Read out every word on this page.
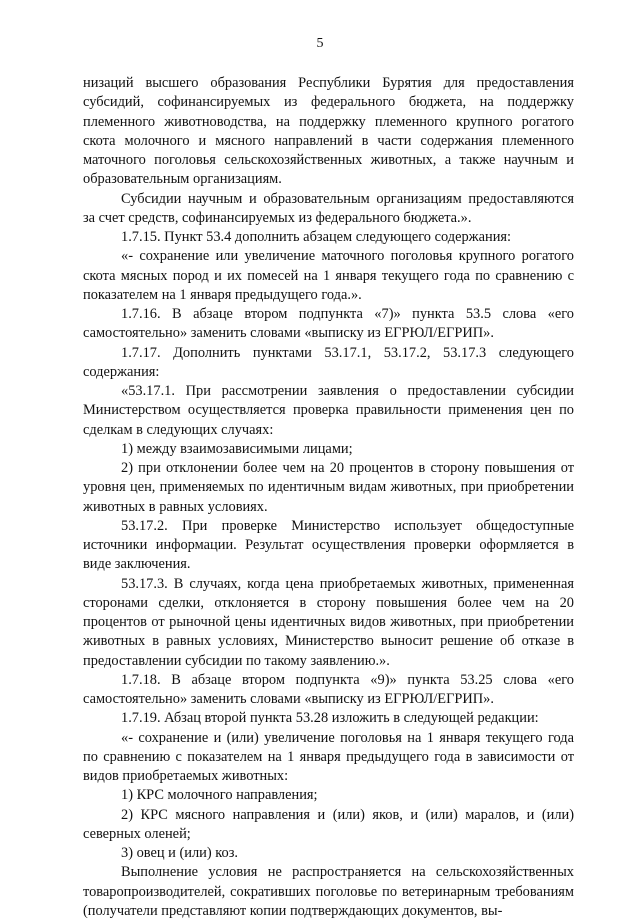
5

низаций высшего образования Республики Бурятия для предоставления субсидий, софинансируемых из федерального бюджета, на поддержку племенного животноводства, на поддержку племенного крупного рогатого скота молочного и мясного направлений в части содержания племенного маточного поголовья сельскохозяйственных животных, а также научным и образовательным организациям.

Субсидии научным и образовательным организациям предоставляются за счет средств, софинансируемых из федерального бюджета.».

1.7.15. Пункт 53.4 дополнить абзацем следующего содержания:

«- сохранение или увеличение маточного поголовья крупного рогатого скота мясных пород и их помесей на 1 января текущего года по сравнению с показателем на 1 января предыдущего года.».

1.7.16. В абзаце втором подпункта «7)» пункта 53.5 слова «его самостоятельно» заменить словами «выписку из ЕГРЮЛ/ЕГРИП».

1.7.17. Дополнить пунктами 53.17.1, 53.17.2, 53.17.3 следующего содержания:

«53.17.1. При рассмотрении заявления о предоставлении субсидии Министерством осуществляется проверка правильности применения цен по сделкам в следующих случаях:

1) между взаимозависимыми лицами;

2) при отклонении более чем на 20 процентов в сторону повышения от уровня цен, применяемых по идентичным видам животных, при приобретении животных в равных условиях.

53.17.2. При проверке Министерство использует общедоступные источники информации. Результат осуществления проверки оформляется в виде заключения.

53.17.3. В случаях, когда цена приобретаемых животных, примененная сторонами сделки, отклоняется в сторону повышения более чем на 20 процентов от рыночной цены идентичных видов животных, при приобретении животных в равных условиях, Министерство выносит решение об отказе в предоставлении субсидии по такому заявлению.».

1.7.18. В абзаце втором подпункта «9)» пункта 53.25 слова «его самостоятельно» заменить словами «выписку из ЕГРЮЛ/ЕГРИП».

1.7.19. Абзац второй пункта 53.28 изложить в следующей редакции:

«- сохранение и (или) увеличение поголовья на 1 января текущего года по сравнению с показателем на 1 января предыдущего года в зависимости от видов приобретаемых животных:

1) КРС молочного направления;

2) КРС мясного направления и (или) яков, и (или) маралов, и (или) северных оленей;

3) овец и (или) коз.

Выполнение условия не распространяется на сельскохозяйственных товаропроизводителей, сокративших поголовье по ветеринарным требованиям (получатели представляют копии подтверждающих документов, вы-
